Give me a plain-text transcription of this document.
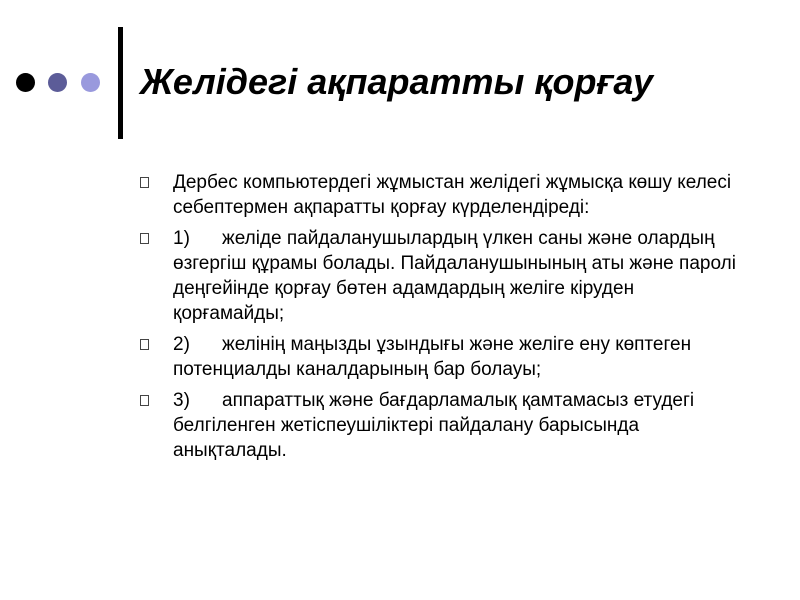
Желідегі ақпаратты қорғау
Дербес компьютердегі жұмыстан желідегі жұмысқа көшу келесі себептермен ақпаратты қорғау күрделендіреді:
1) желіде пайдаланушылардың үлкен саны және олардың өзгергіш құрамы болады. Пайдаланушынының аты және паролі деңгейінде қорғау бөтен адамдардың желіге кіруден қорғамайды;
2) желінің маңызды ұзындығы және желіге ену көптеген потенциалды каналдарының бар болауы;
3) аппараттық және бағдарламалық қамтамасыз етудегі белгіленген жетіспеушіліктері пайдалану барысында анықталады.
